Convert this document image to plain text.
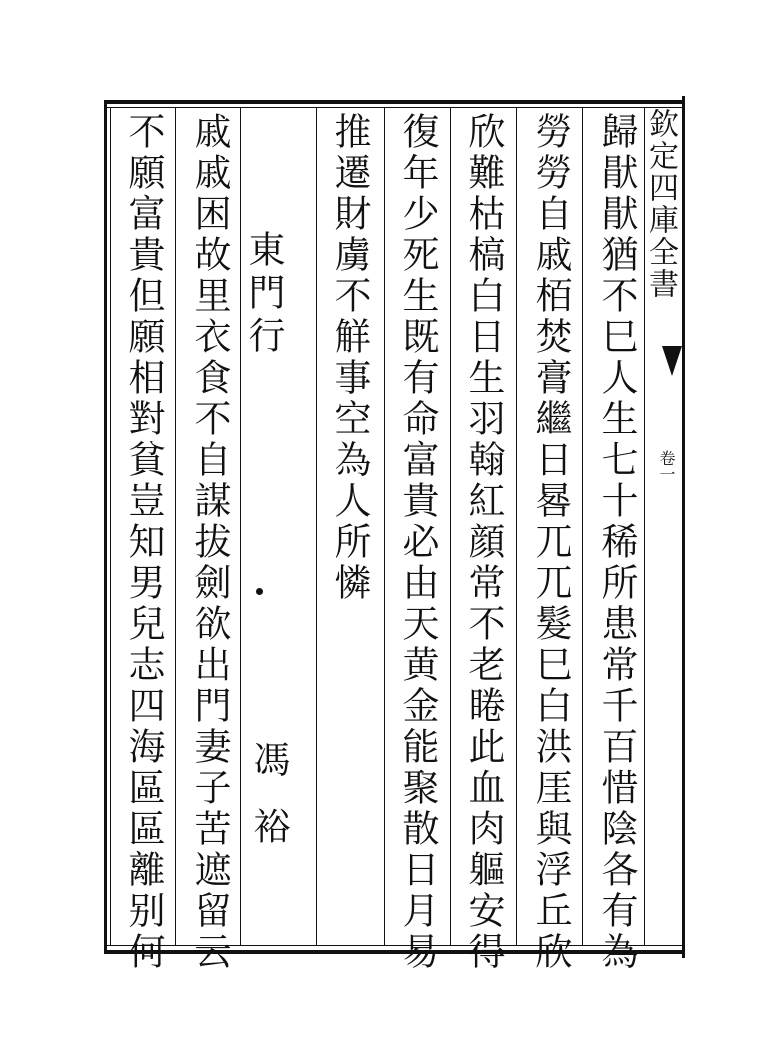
欽定四庫全書
卷一
歸猒猒猶不巳人生七十稀所患常千百惜陰各有為
勞勞自戚栢焚膏繼日晷兀兀髮巳白洪厓與浮丘欣
欣難枯槁白日生羽翰紅顔常不老睠此血肉軀安得
復年少死生既有命富貴必由天黄金能聚散日月易
推遷財虜不觧事空為人所憐
東門行
馮裕
戚戚困故里衣食不自謀拔劍欲出門妻子苦遮留云
不願富貴但願相對貧豈知男兒志四海區區離别何
